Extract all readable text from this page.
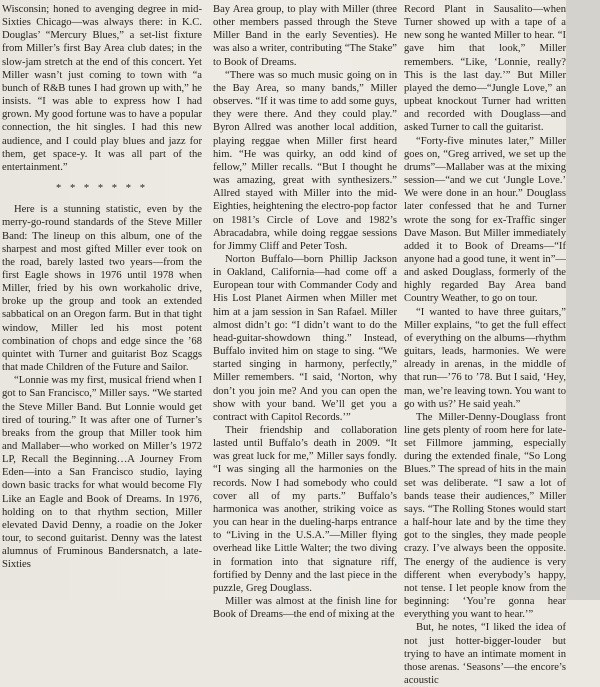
Wisconsin; honed to avenging degree in mid-Sixties Chicago—was always there: in K.C. Douglas’ “Mercury Blues,” a set-list fixture from Miller’s first Bay Area club dates; in the slow-jam stretch at the end of this concert. Yet Miller wasn’t just coming to town with “a bunch of R&B tunes I had grown up with,” he insists. “I was able to express how I had grown. My good fortune was to have a popular connection, the hit singles. I had this new audience, and I could play blues and jazz for them, get space-y. It was all part of the entertainment.”

* * * * * * *

Here is a stunning statistic, even by the merry-go-round standards of the Steve Miller Band: The lineup on this album, one of the sharpest and most gifted Miller ever took on the road, barely lasted two years—from the first Eagle shows in 1976 until 1978 when Miller, fried by his own workaholic drive, broke up the group and took an extended sabbatical on an Oregon farm. But in that tight window, Miller led his most potent combination of chops and edge since the ’68 quintet with Turner and guitarist Boz Scaggs that made Children of the Future and Sailor.

“Lonnie was my first, musical friend when I got to San Francisco,” Miller says. “We started the Steve Miller Band. But Lonnie would get tired of touring.” It was after one of Turner’s breaks from the group that Miller took him and Mallaber—who worked on Miller’s 1972 LP, Recall the Beginning…A Journey From Eden—into a San Francisco studio, laying down basic tracks for what would become Fly Like an Eagle and Book of Dreams. In 1976, holding on to that rhythm section, Miller elevated David Denny, a roadie on the Joker tour, to second guitarist. Denny was the latest alumnus of Fruminous Bandersnatch, a late-Sixties

Bay Area group, to play with Miller (three other members passed through the Steve Miller Band in the early Seventies). He was also a writer, contributing “The Stake” to Book of Dreams.

“There was so much music going on in the Bay Area, so many bands,” Miller observes. “If it was time to add some guys, they were there. And they could play.” Byron Allred was another local addition, playing reggae when Miller first heard him. “He was quirky, an odd kind of fellow,” Miller recalls. “But I thought he was amazing, great with synthesizers.” Allred stayed with Miller into the mid-Eighties, heightening the electro-pop factor on 1981’s Circle of Love and 1982’s Abracadabra, while doing reggae sessions for Jimmy Cliff and Peter Tosh.

Norton Buffalo—born Phillip Jackson in Oakland, California—had come off a European tour with Commander Cody and His Lost Planet Airmen when Miller met him at a jam session in San Rafael. Miller almost didn’t go: “I didn’t want to do the head-guitar-showdown thing.” Instead, Buffalo invited him on stage to sing. “We started singing in harmony, perfectly,” Miller remembers. “I said, ‘Norton, why don’t you join me? And you can open the show with your band. We’ll get you a contract with Capitol Records.’”

Their friendship and collaboration lasted until Buffalo’s death in 2009. “It was great luck for me,” Miller says fondly. “I was singing all the harmonies on the records. Now I had somebody who could cover all of my parts.” Buffalo’s harmonica was another, striking voice as you can hear in the dueling-harps entrance to “Living in the U.S.A.”—Miller flying overhead like Little Walter; the two diving in formation into that signature riff, fortified by Denny and the last piece in the puzzle, Greg Douglass.

Miller was almost at the finish line for Book of Dreams—the end of mixing at the

Record Plant in Sausalito—when Turner showed up with a tape of a new song he wanted Miller to hear. “I gave him that look,” Miller remembers. “Like, ‘Lonnie, really? This is the last day.’” But Miller played the demo—“Jungle Love,” an upbeat knockout Turner had written and recorded with Douglass—and asked Turner to call the guitarist.

“Forty-five minutes later,” Miller goes on, “Greg arrived, we set up the drums”—Mallaber was at the mixing session—“and we cut ‘Jungle Love.’ We were done in an hour.” Douglass later confessed that he and Turner wrote the song for ex-Traffic singer Dave Mason. But Miller immediately added it to Book of Dreams—“If anyone had a good tune, it went in”—and asked Douglass, formerly of the highly regarded Bay Area band Country Weather, to go on tour.

“I wanted to have three guitars,” Miller explains, “to get the full effect of everything on the albums—rhythm guitars, leads, harmonies. We were already in arenas, in the middle of that run—’76 to ’78. But I said, ‘Hey, man, we’re leaving town. You want to go with us?’ He said yeah.”

The Miller-Denny-Douglass front line gets plenty of room here for late-set Fillmore jamming, especially during the extended finale, “So Long Blues.” The spread of hits in the main set was deliberate. “I saw a lot of bands tease their audiences,” Miller says. “The Rolling Stones would start a half-hour late and by the time they got to the singles, they made people crazy. I’ve always been the opposite. The energy of the audience is very different when everybody’s happy, not tense. I let people know from the beginning: ‘You’re gonna hear everything you want to hear.’”

But, he notes, “I liked the idea of not just hotter-bigger-louder but trying to have an intimate moment in those arenas. ‘Seasons’—the encore’s acoustic
